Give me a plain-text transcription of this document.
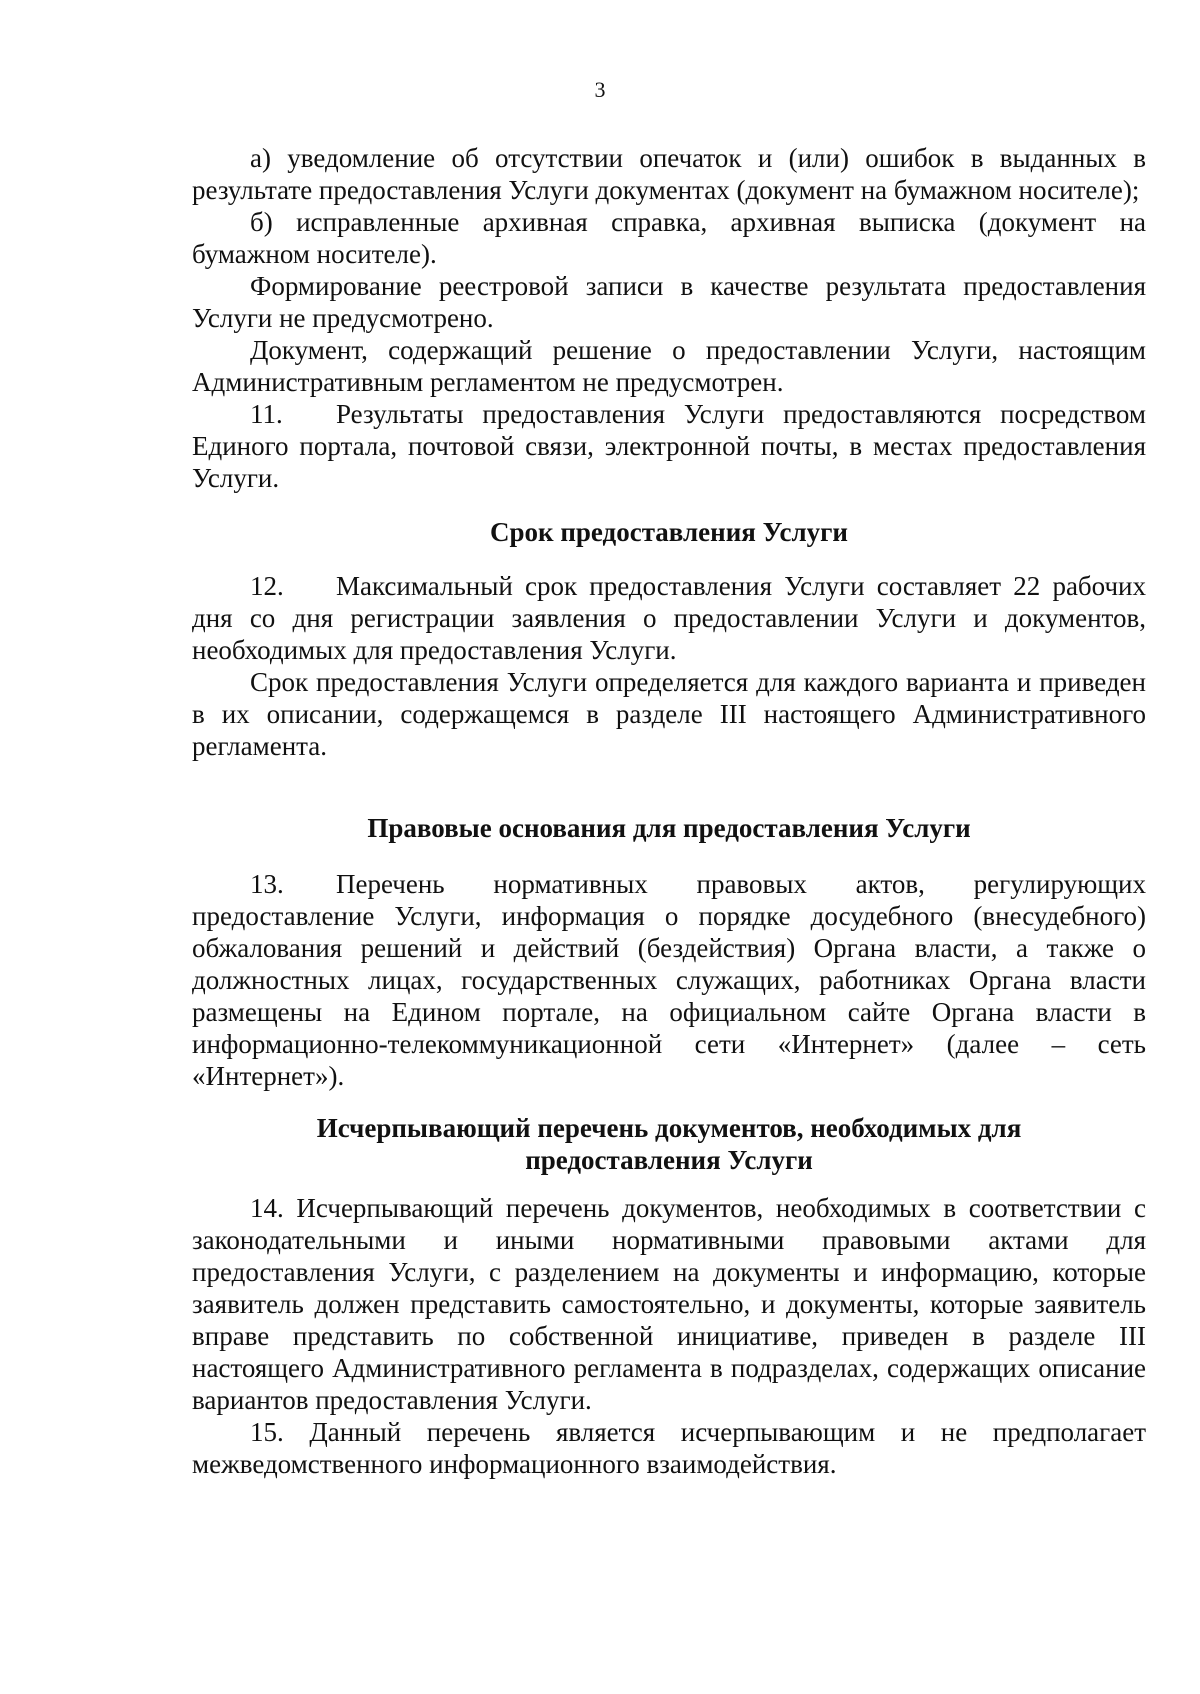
3

а) уведомление об отсутствии опечаток и (или) ошибок в выданных в результате предоставления Услуги документах (документ на бумажном носителе);

б) исправленные архивная справка, архивная выписка (документ на бумажном носителе).

Формирование реестровой записи в качестве результата предоставления Услуги не предусмотрено.

Документ, содержащий решение о предоставлении Услуги, настоящим Административным регламентом не предусмотрен.

11. Результаты предоставления Услуги предоставляются посредством Единого портала, почтовой связи, электронной почты, в местах предоставления Услуги.

Срок предоставления Услуги

12. Максимальный срок предоставления Услуги составляет 22 рабочих дня со дня регистрации заявления о предоставлении Услуги и документов, необходимых для предоставления Услуги.

Срок предоставления Услуги определяется для каждого варианта и приведен в их описании, содержащемся в разделе III настоящего Административного регламента.

Правовые основания для предоставления Услуги

13. Перечень нормативных правовых актов, регулирующих предоставление Услуги, информация о порядке досудебного (внесудебного) обжалования решений и действий (бездействия) Органа власти, а также о должностных лицах, государственных служащих, работниках Органа власти размещены на Едином портале, на официальном сайте Органа власти в информационно-телекоммуникационной сети «Интернет» (далее – сеть «Интернет»).

Исчерпывающий перечень документов, необходимых для
предоставления Услуги

14. Исчерпывающий перечень документов, необходимых в соответствии с законодательными и иными нормативными правовыми актами для предоставления Услуги, с разделением на документы и информацию, которые заявитель должен представить самостоятельно, и документы, которые заявитель вправе представить по собственной инициативе, приведен в разделе III настоящего Административного регламента в подразделах, содержащих описание вариантов предоставления Услуги.

15. Данный перечень является исчерпывающим и не предполагает межведомственного информационного взаимодействия.
